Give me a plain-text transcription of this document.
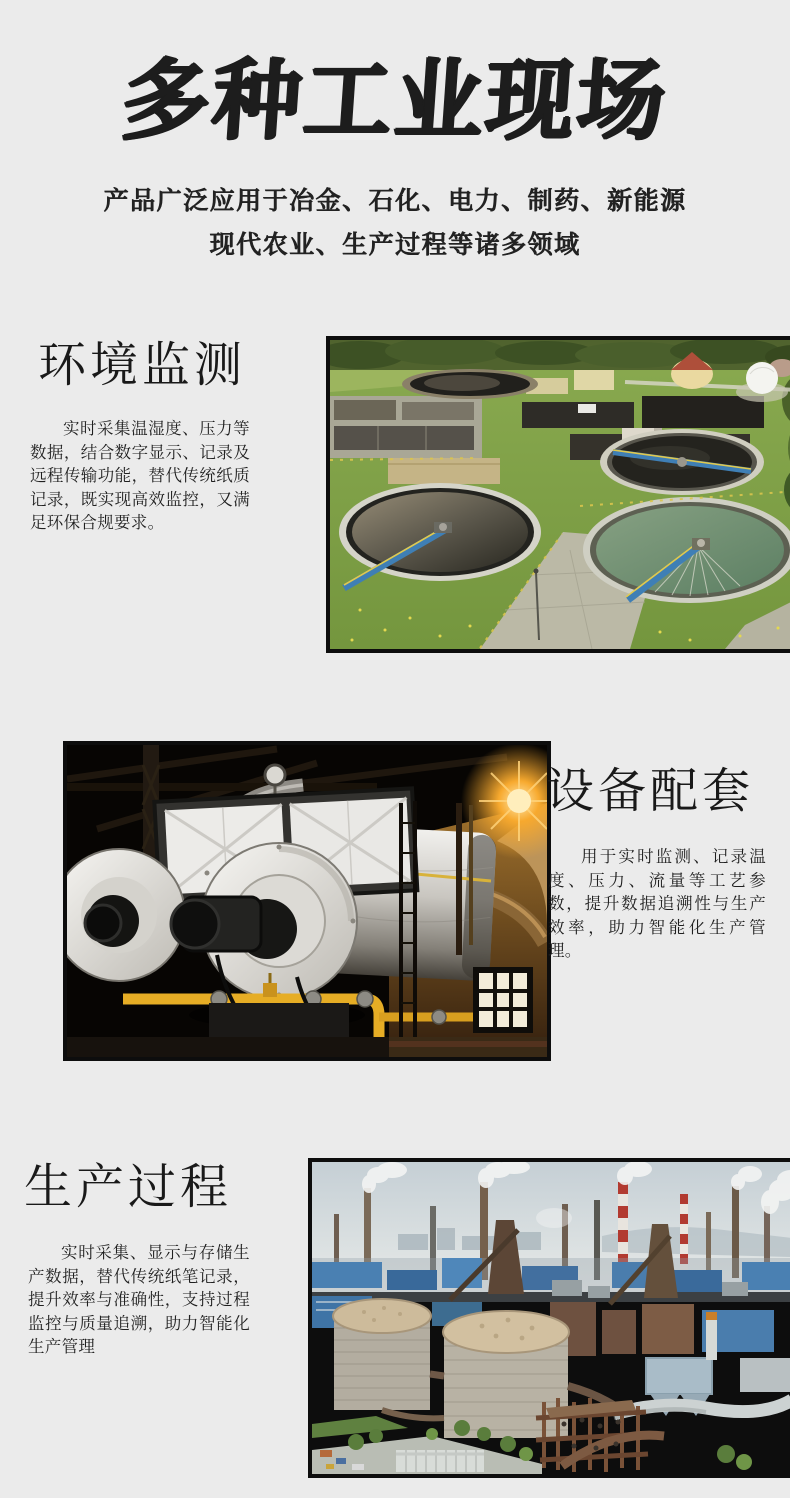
多种工业现场

产品广泛应用于冶金、石化、电力、制药、新能源

现代农业、生产过程等诸多领域

环境监测

实时采集温湿度、压力等数据，结合数字显示、记录及远程传输功能，替代传统纸质记录，既实现高效监控，又满足环保合规要求。

设备配套

用于实时监测、记录温度、压力、流量等工艺参数，提升数据追溯性与生产效率，助力智能化生产管理。

生产过程

实时采集、显示与存储生产数据，替代传统纸笔记录，提升效率与准确性，支持过程监控与质量追溯，助力智能化生产管理
